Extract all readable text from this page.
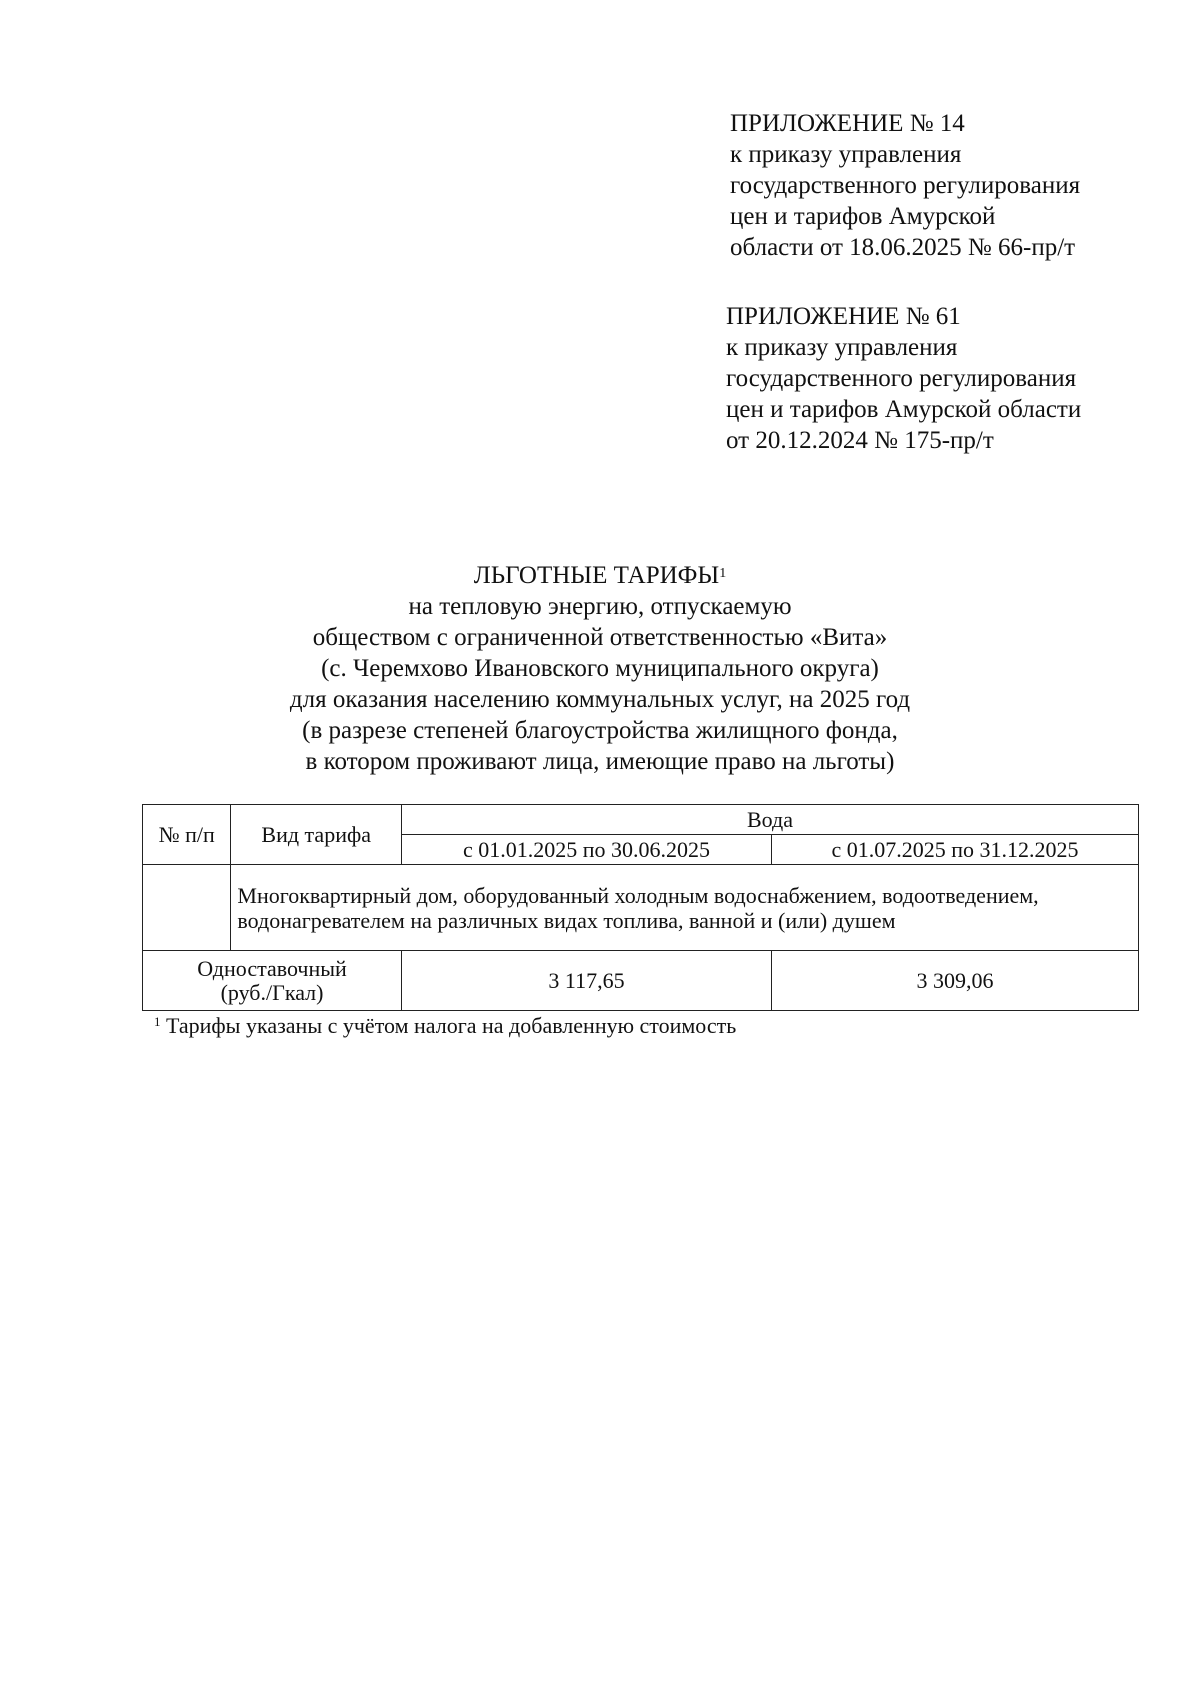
ПРИЛОЖЕНИЕ № 14
к приказу управления
государственного регулирования
цен и тарифов Амурской
области от 18.06.2025 № 66-пр/т
ПРИЛОЖЕНИЕ № 61
к приказу управления
государственного регулирования
цен и тарифов Амурской области
от 20.12.2024 № 175-пр/т
ЛЬГОТНЫЕ ТАРИФЫ$^1$
на тепловую энергию, отпускаемую
обществом с ограниченной ответственностью «Вита»
(с. Черемхово Ивановского муниципального округа)
для оказания населению коммунальных услуг, на 2025 год
(в разрезе степеней благоустройства жилищного фонда,
в котором проживают лица, имеющие право на льготы)
№ п/п	Вид тарифа	Вода	
		с 01.01.2025 по 30.06.2025	с 01.07.2025 по 31.12.2025
	Многоквартирный дом, оборудованный холодным водоснабжением, водоотведением, водонагревателем на различных видах топлива, ванной и (или) душем		

Одноставочный
(руб./Гкал)		3 117,65	3 309,06
$^1$ Тарифы указаны с учётом налога на добавленную стоимость
